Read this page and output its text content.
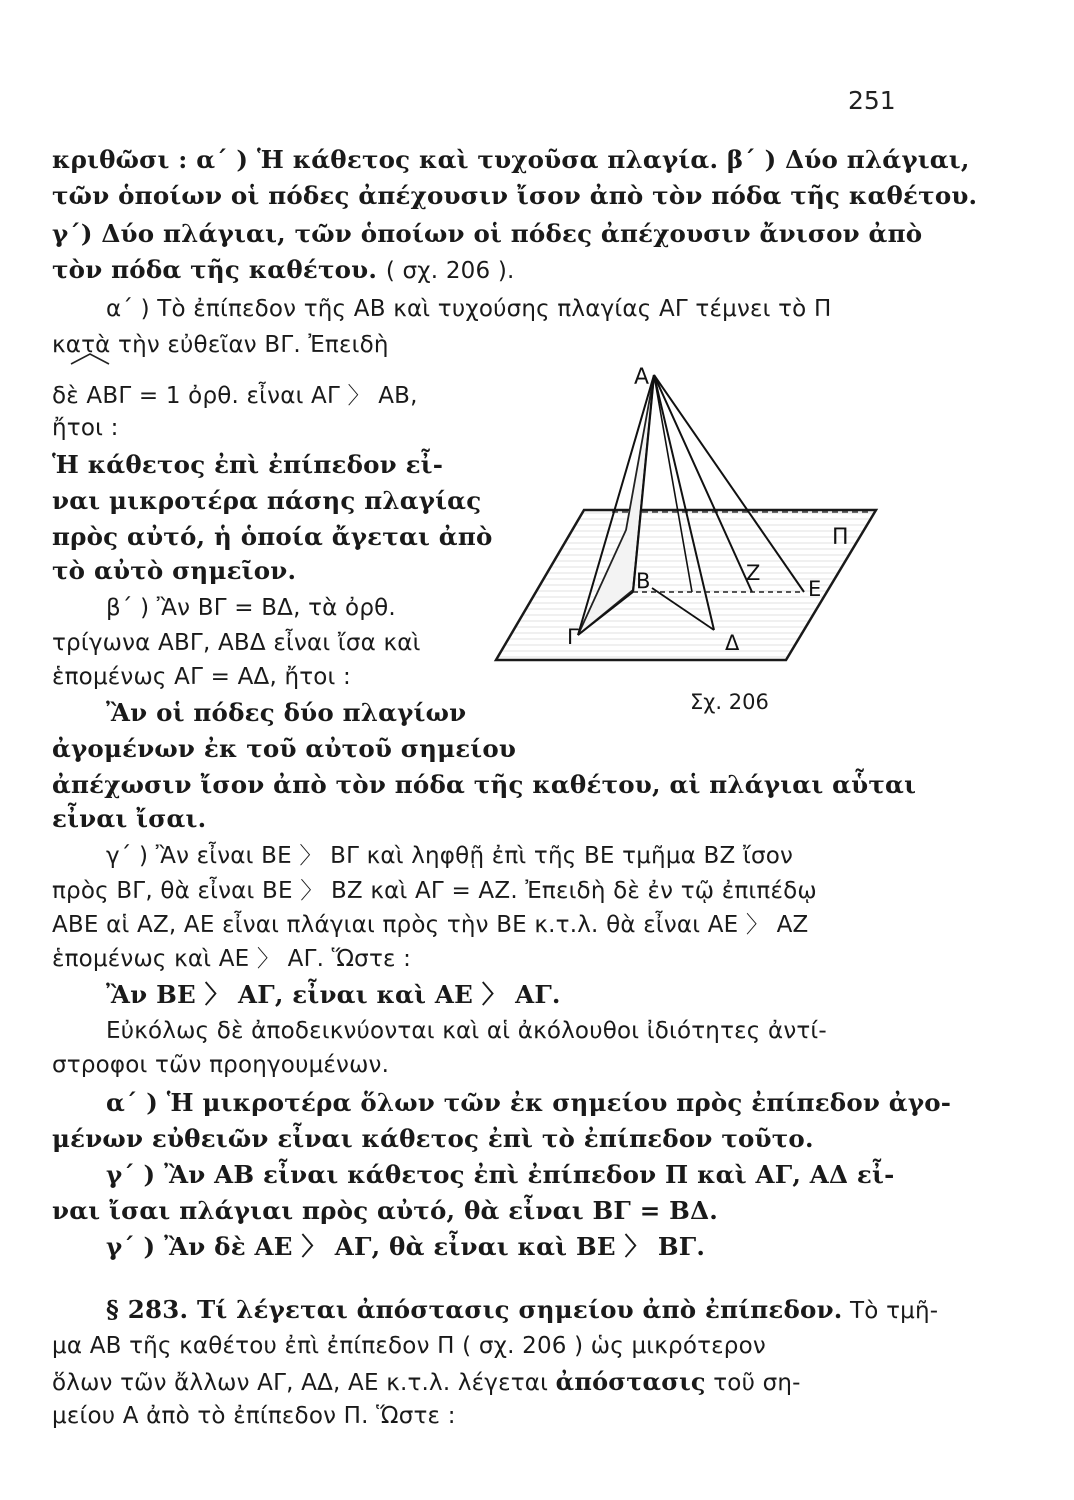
251
κριθῶσι : α΄ ) Ἡ κάθετος καὶ τυχοῦσα πλαγία. β΄ ) Δύο πλάγιαι,
τῶν ὁποίων οἱ πόδες ἀπέχουσιν ἴσον ἀπὸ τὸν πόδα τῆς καθέτου.
γ΄) Δύο πλάγιαι, τῶν ὁποίων οἱ πόδες ἀπέχουσιν ἄνισον ἀπὸ
τὸν πόδα τῆς καθέτου. ( σχ. 206 ).
α΄ ) Τὸ ἐπίπεδον τῆς ΑΒ καὶ τυχούσης πλαγίας ΑΓ τέμνει τὸ Π
κατὰ τὴν εὐθεῖαν ΒΓ. Ἐπειδὴ
δὲ ΑΒΓ = 1 ὀρθ. εἶναι ΑΓ 〉 ΑΒ,
ἤτοι :
Ἡ κάθετος ἐπὶ ἐπίπεδον εἶ-
ναι μικροτέρα πάσης πλαγίας
πρὸς αὐτό, ἡ ὁποία ἄγεται ἀπὸ
τὸ αὐτὸ σημεῖον.
β΄ ) Ἂν ΒΓ = ΒΔ, τὰ ὀρθ.
τρίγωνα ΑΒΓ, ΑΒΔ εἶναι ἴσα καὶ
ἑπομένως ΑΓ = ΑΔ, ἤτοι :
Ἂν οἱ πόδες δύο πλαγίων
ἀγομένων ἐκ τοῦ αὐτοῦ σημείου
ἀπέχωσιν ἴσον ἀπὸ τὸν πόδα τῆς καθέτου, αἱ πλάγιαι αὗται
εἶναι ἴσαι.
γ΄ ) Ἂν εἶναι ΒΕ 〉 ΒΓ καὶ ληφθῇ ἐπὶ τῆς ΒΕ τμῆμα ΒΖ ἴσον
πρὸς ΒΓ, θὰ εἶναι ΒΕ 〉 ΒΖ καὶ ΑΓ = ΑΖ. Ἐπειδὴ δὲ ἐν τῷ ἐπιπέδῳ
ΑΒΕ αἱ ΑΖ, ΑΕ εἶναι πλάγιαι πρὸς τὴν ΒΕ κ.τ.λ. θὰ εἶναι ΑΕ 〉 ΑΖ
ἑπομένως καὶ ΑΕ 〉 ΑΓ. Ὥστε :
Ἂν ΒΕ 〉 ΑΓ, εἶναι καὶ ΑΕ 〉 ΑΓ.
Εὐκόλως δὲ ἀποδεικνύονται καὶ αἱ ἀκόλουθοι ἰδιότητες ἀντί-
στροφοι τῶν προηγουμένων.
α΄ ) Ἡ μικροτέρα ὅλων τῶν ἐκ σημείου πρὸς ἐπίπεδον ἀγο-
μένων εὐθειῶν εἶναι κάθετος ἐπὶ τὸ ἐπίπεδον τοῦτο.
γ΄ ) Ἂν ΑΒ εἶναι κάθετος ἐπὶ ἐπίπεδον Π καὶ ΑΓ, ΑΔ εἶ-
ναι ἴσαι πλάγιαι πρὸς αὐτό, θὰ εἶναι ΒΓ = ΒΔ.
γ΄ ) Ἂν δὲ ΑΕ 〉 ΑΓ, θὰ εἶναι καὶ ΒΕ 〉 ΒΓ.
§ 283. Τί λέγεται ἀπόστασις σημείου ἀπὸ ἐπίπεδον. Τὸ τμῆ-
μα ΑΒ τῆς καθέτου ἐπὶ ἐπίπεδον Π ( σχ. 206 ) ὡς μικρότερον
ὅλων τῶν ἄλλων ΑΓ, ΑΔ, ΑΕ κ.τ.λ. λέγεται ἀπόστασις τοῦ ση-
μείου Α ἀπὸ τὸ ἐπίπεδον Π. Ὥστε :
Α
Β
Γ	Δ
Ζ
Ε
Π
Σχ. 206
